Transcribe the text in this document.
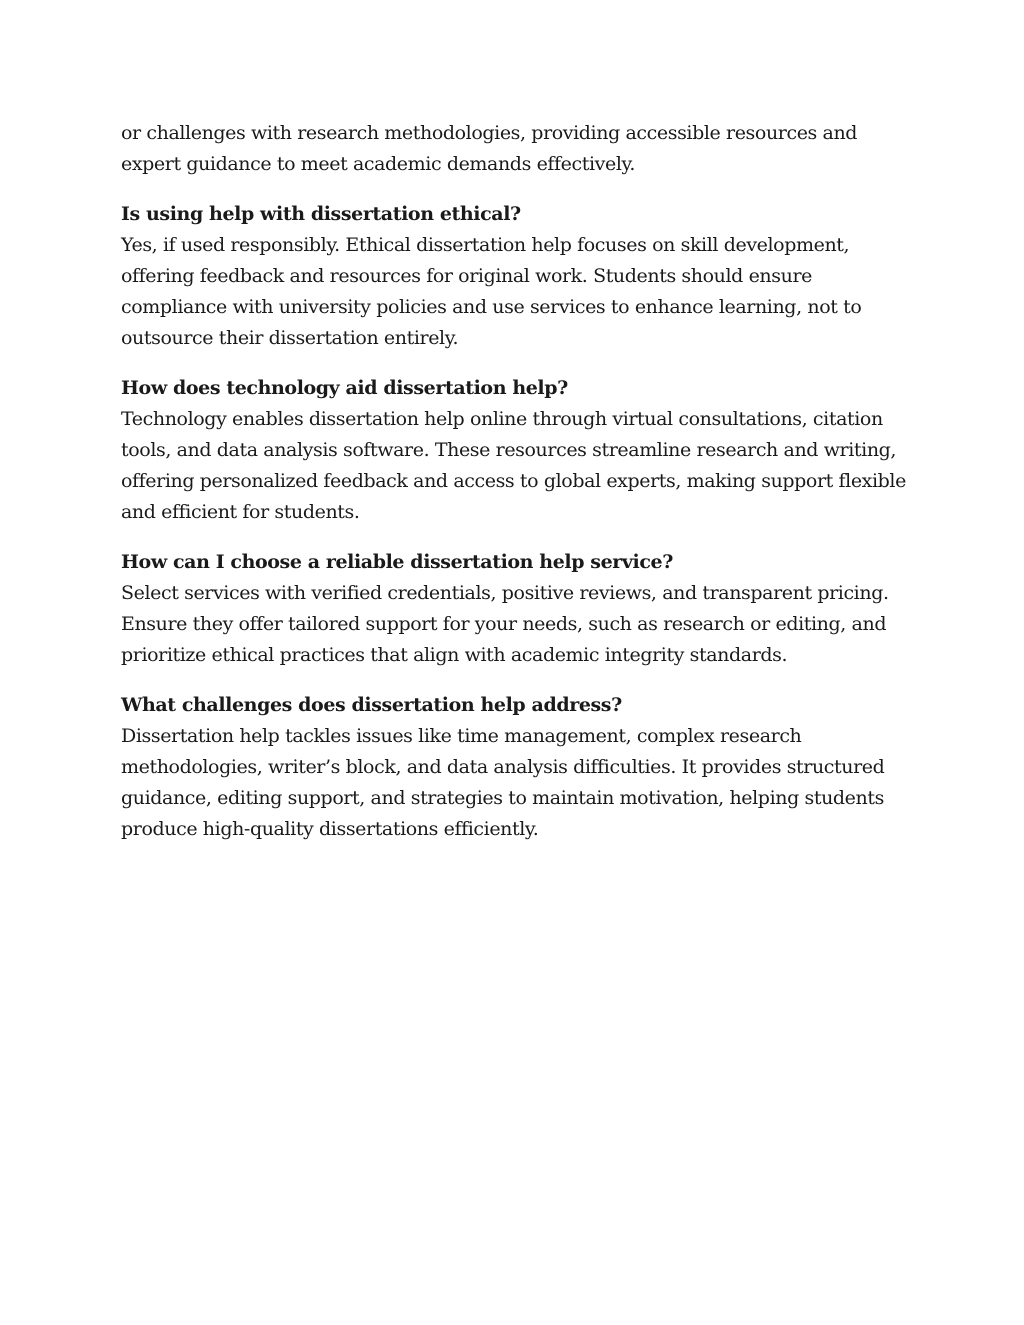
or challenges with research methodologies, providing accessible resources and expert guidance to meet academic demands effectively.

Is using help with dissertation ethical?

Yes, if used responsibly. Ethical dissertation help focuses on skill development, offering feedback and resources for original work. Students should ensure compliance with university policies and use services to enhance learning, not to outsource their dissertation entirely.

How does technology aid dissertation help?

Technology enables dissertation help online through virtual consultations, citation tools, and data analysis software. These resources streamline research and writing, offering personalized feedback and access to global experts, making support flexible and efficient for students.

How can I choose a reliable dissertation help service?

Select services with verified credentials, positive reviews, and transparent pricing. Ensure they offer tailored support for your needs, such as research or editing, and prioritize ethical practices that align with academic integrity standards.

What challenges does dissertation help address?

Dissertation help tackles issues like time management, complex research methodologies, writer’s block, and data analysis difficulties. It provides structured guidance, editing support, and strategies to maintain motivation, helping students produce high-quality dissertations efficiently.
